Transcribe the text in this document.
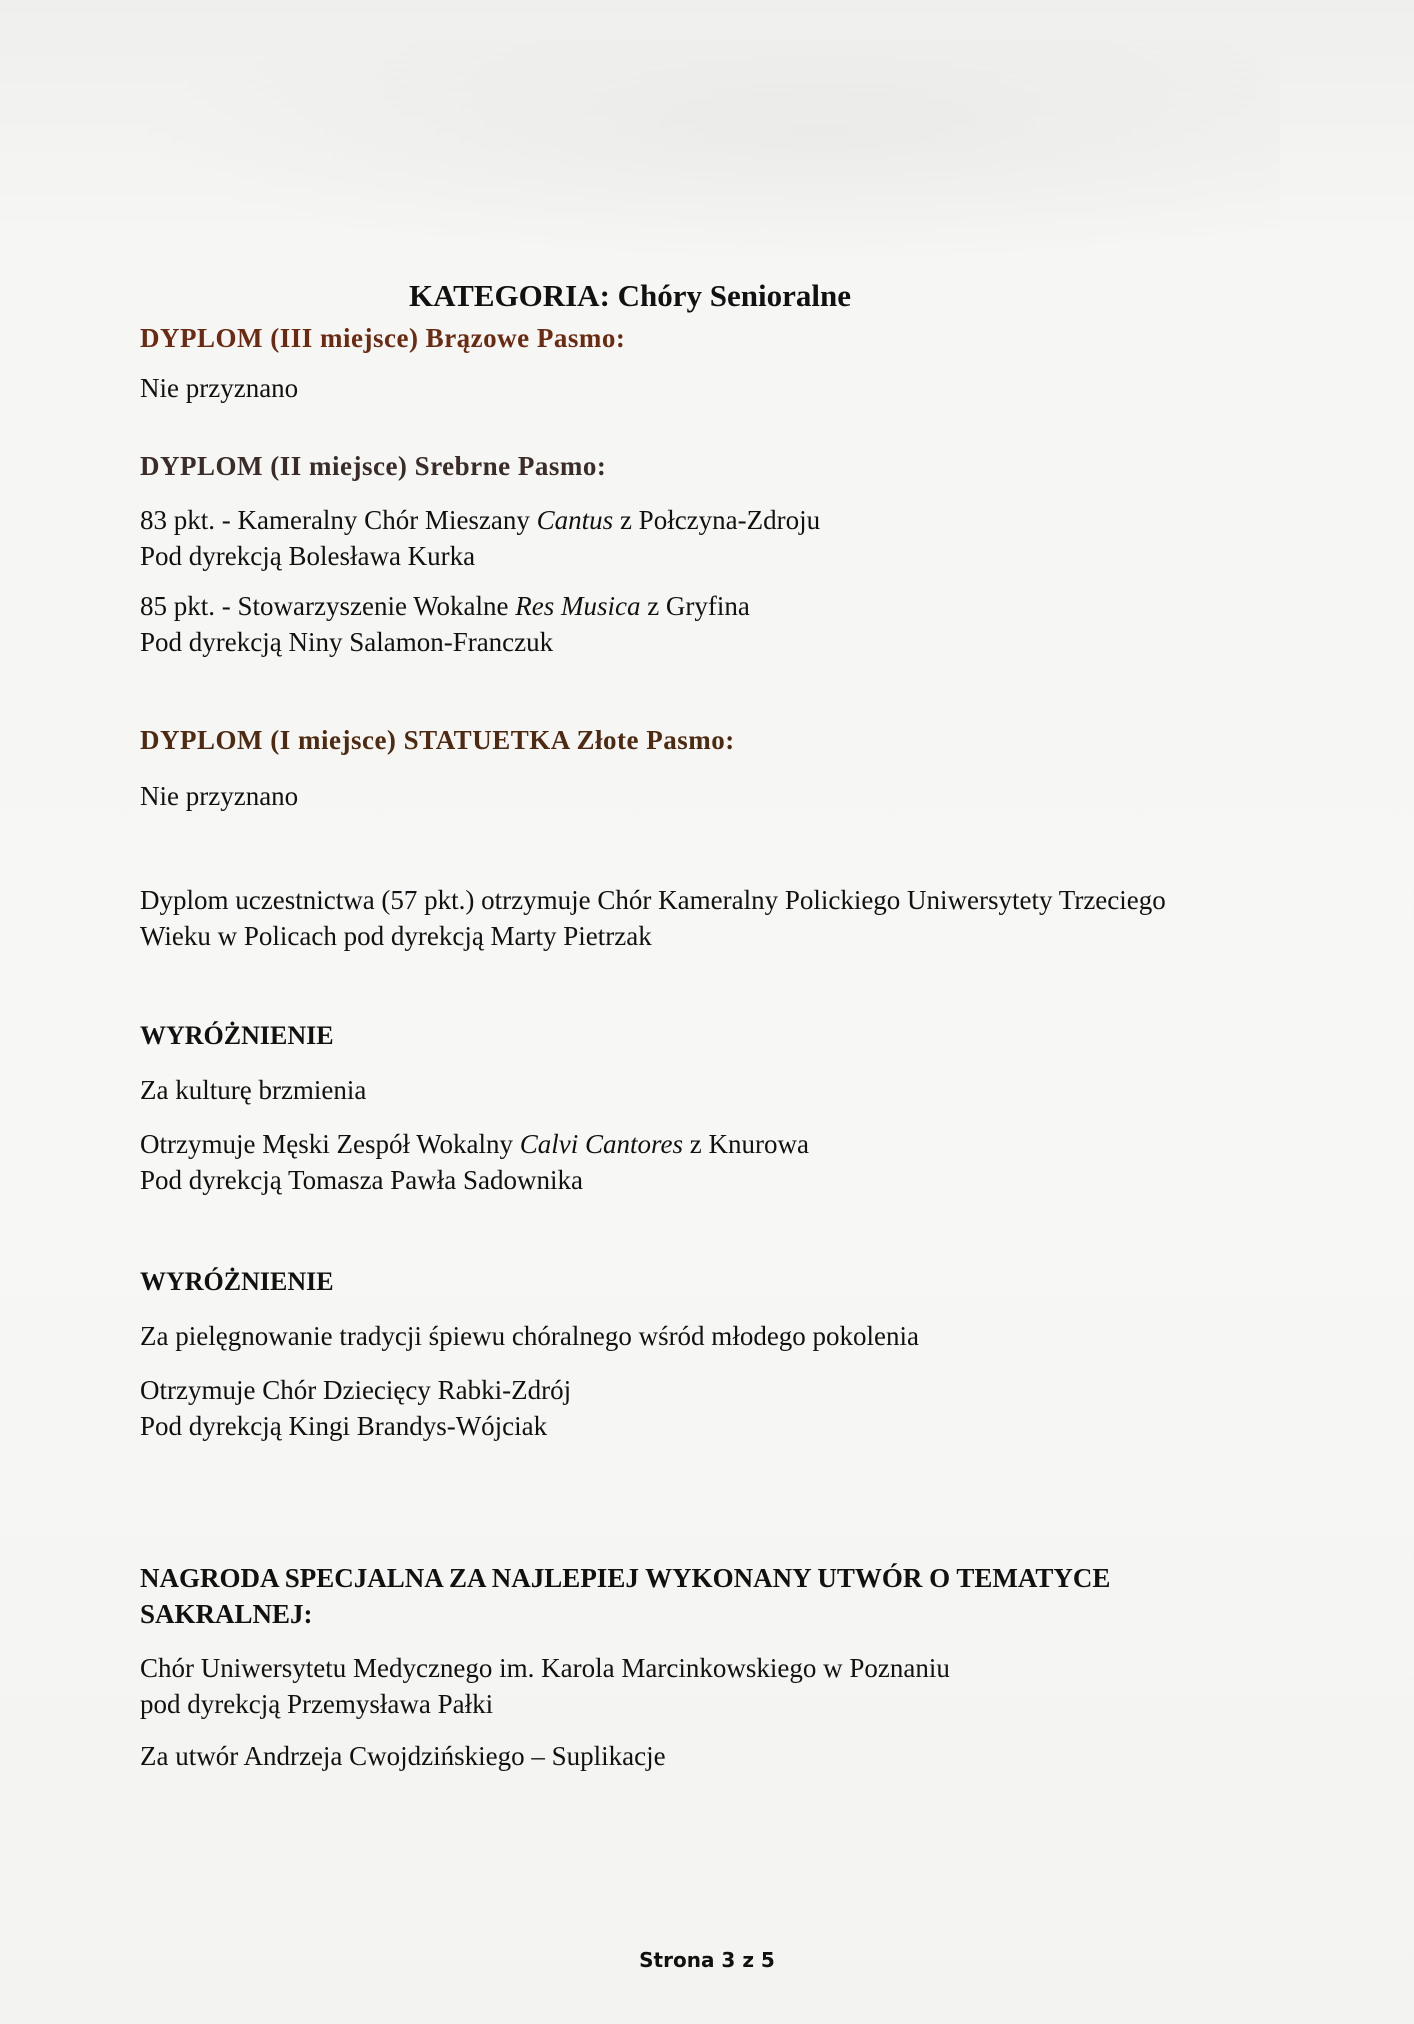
KATEGORIA: Chóry Senioralne

DYPLOM (III miejsce) Brązowe Pasmo:

Nie przyznano

DYPLOM (II miejsce) Srebrne Pasmo:

83 pkt. - Kameralny Chór Mieszany Cantus z Połczyna-Zdroju

Pod dyrekcją Bolesława Kurka

85 pkt. - Stowarzyszenie Wokalne Res Musica z Gryfina

Pod dyrekcją Niny Salamon-Franczuk

DYPLOM (I miejsce) STATUETKA Złote Pasmo:

Nie przyznano

Dyplom uczestnictwa (57 pkt.) otrzymuje Chór Kameralny Polickiego Uniwersytety Trzeciego

Wieku w Policach pod dyrekcją Marty Pietrzak

WYRÓŻNIENIE

Za kulturę brzmienia

Otrzymuje Męski Zespół Wokalny Calvi Cantores z Knurowa

Pod dyrekcją Tomasza Pawła Sadownika

WYRÓŻNIENIE

Za pielęgnowanie tradycji śpiewu chóralnego wśród młodego pokolenia

Otrzymuje Chór Dziecięcy Rabki-Zdrój

Pod dyrekcją Kingi Brandys-Wójciak

NAGRODA SPECJALNA ZA NAJLEPIEJ WYKONANY UTWÓR O TEMATYCE

SAKRALNEJ:

Chór Uniwersytetu Medycznego im. Karola Marcinkowskiego w Poznaniu

pod dyrekcją Przemysława Pałki

Za utwór Andrzeja Cwojdzińskiego – Suplikacje

Strona 3 z 5
